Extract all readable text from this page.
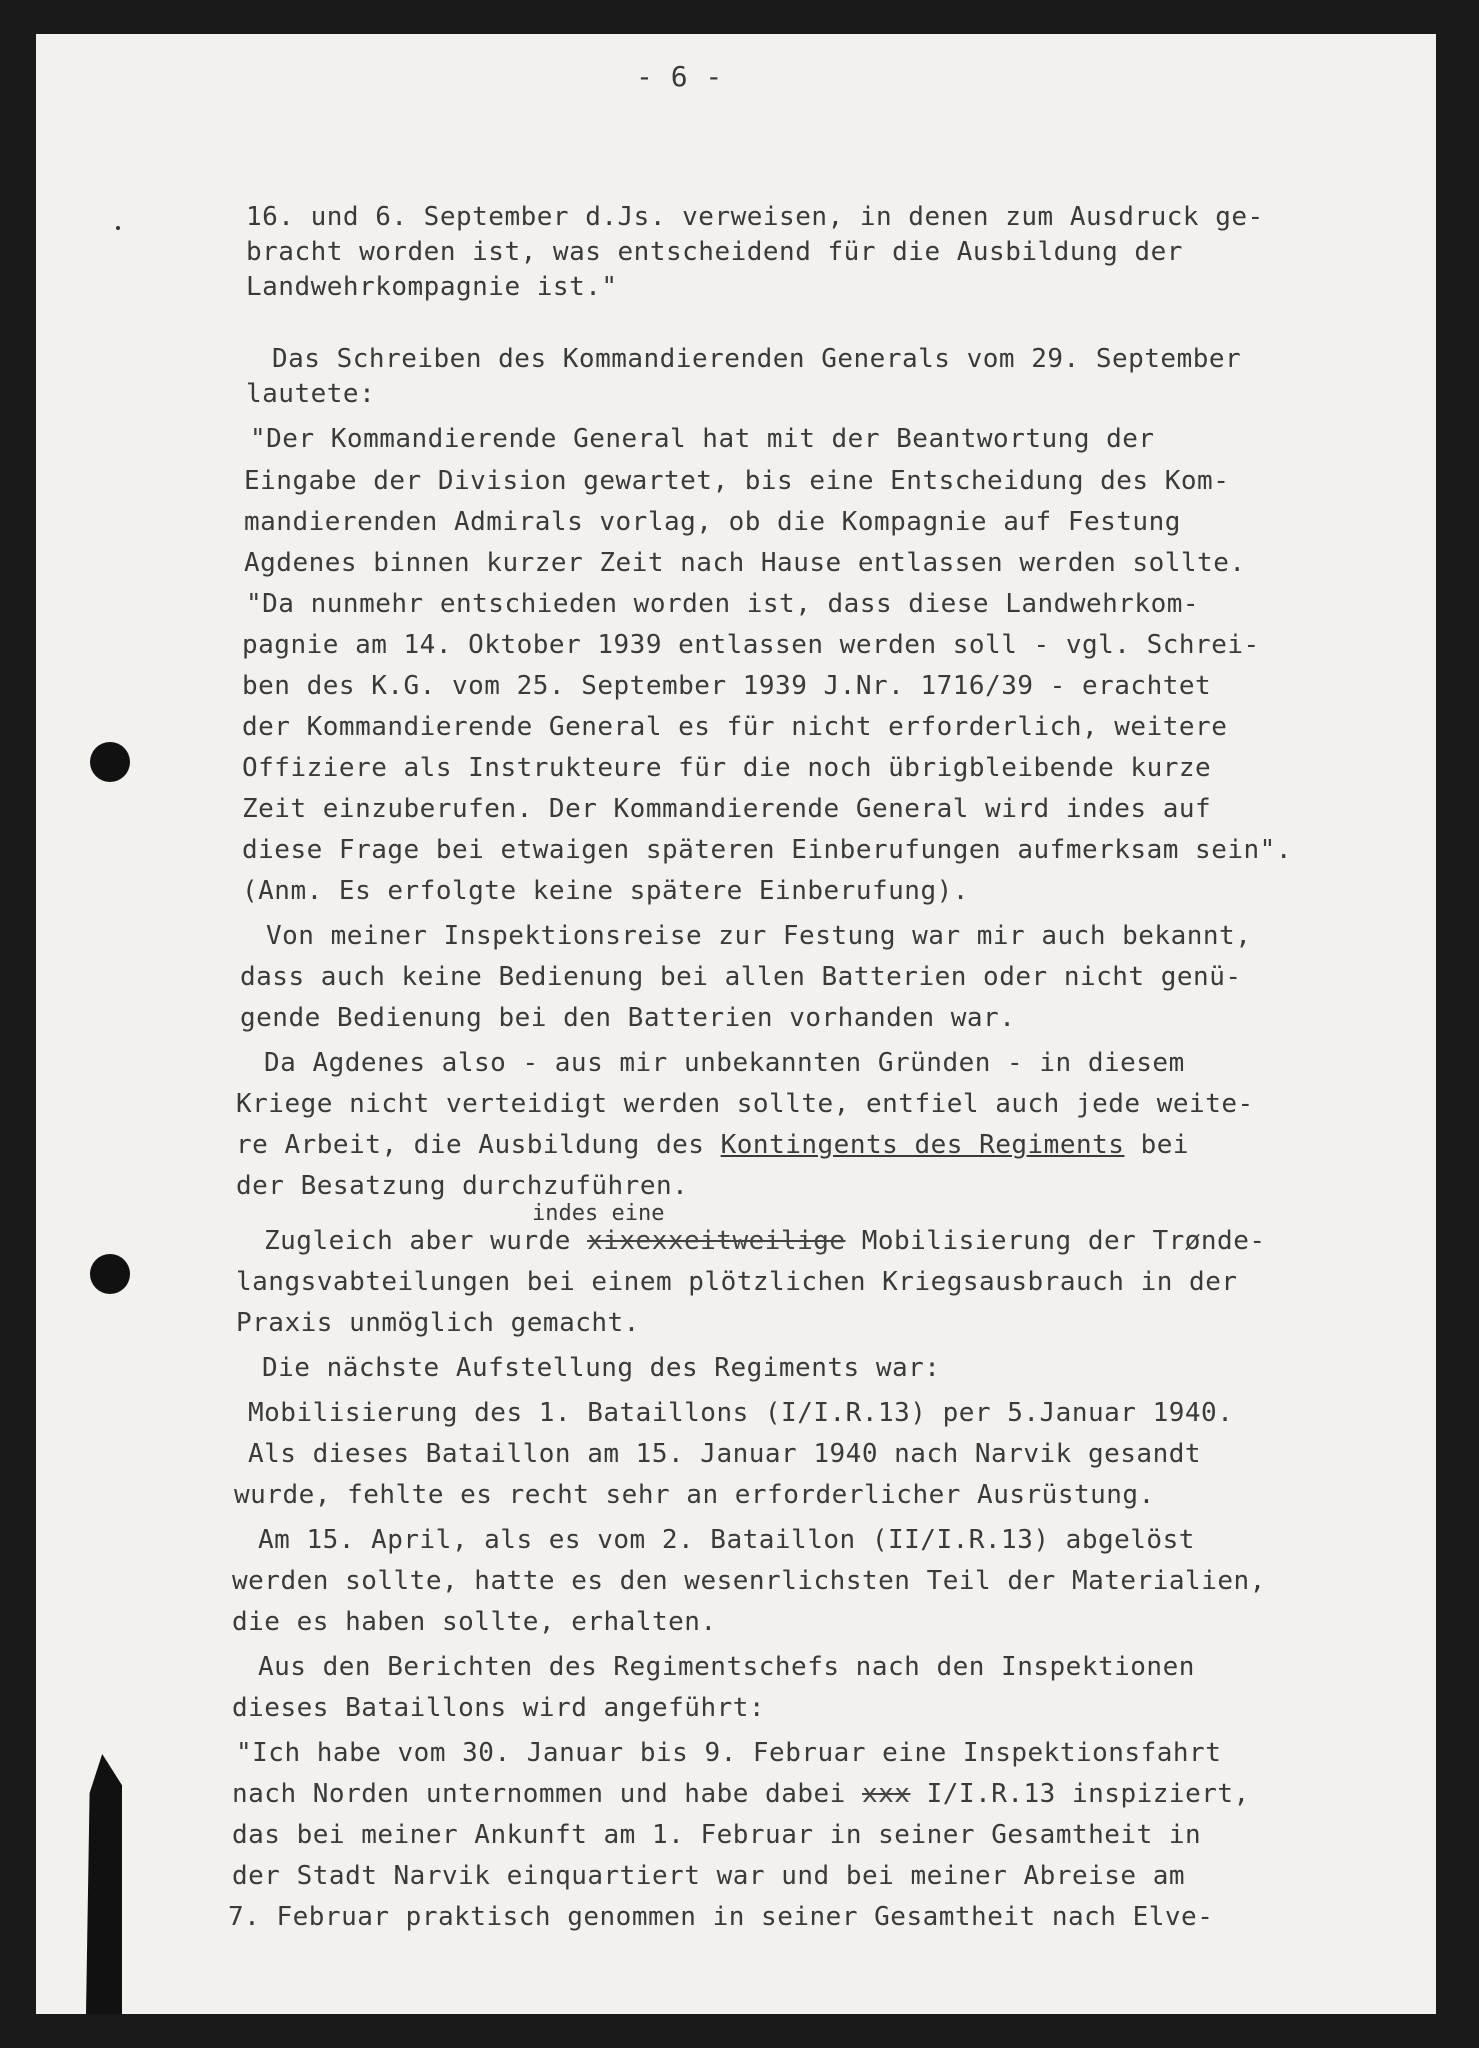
- 6 -
16. und 6. September d.Js. verweisen, in denen zum Ausdruck ge-
bracht worden ist, was entscheidend für die Ausbildung der
Landwehrkompagnie ist."
Das Schreiben des Kommandierenden Generals vom 29. September
lautete:
"Der Kommandierende General hat mit der Beantwortung der
Eingabe der Division gewartet, bis eine Entscheidung des Kom-
mandierenden Admirals vorlag, ob die Kompagnie auf Festung
Agdenes binnen kurzer Zeit nach Hause entlassen werden sollte.
"Da nunmehr entschieden worden ist, dass diese Landwehrkom-
pagnie am 14. Oktober 1939 entlassen werden soll - vgl. Schrei-
ben des K.G. vom 25. September 1939 J.Nr. 1716/39 - erachtet
der Kommandierende General es für nicht erforderlich, weitere
Offiziere als Instrukteure für die noch übrigbleibende kurze
Zeit einzuberufen. Der Kommandierende General wird indes auf
diese Frage bei etwaigen späteren Einberufungen aufmerksam sein".
(Anm. Es erfolgte keine spätere Einberufung).
Von meiner Inspektionsreise zur Festung war mir auch bekannt,
dass auch keine Bedienung bei allen Batterien oder nicht genü-
gende Bedienung bei den Batterien vorhanden war.
Da Agdenes also - aus mir unbekannten Gründen - in diesem
Kriege nicht verteidigt werden sollte, entfiel auch jede weite-
re Arbeit, die Ausbildung des Kontingents des Regiments bei
der Besatzung durchzuführen.
indes eine
Zugleich aber wurde xixexxeitweilige Mobilisierung der Trønde-
langsvabteilungen bei einem plötzlichen Kriegsausbrauch in der
Praxis unmöglich gemacht.
Die nächste Aufstellung des Regiments war:
Mobilisierung des 1. Bataillons (I/I.R.13) per 5.Januar 1940.
Als dieses Bataillon am 15. Januar 1940 nach Narvik gesandt
wurde, fehlte es recht sehr an erforderlicher Ausrüstung.
Am 15. April, als es vom 2. Bataillon (II/I.R.13) abgelöst
werden sollte, hatte es den wesenrlichsten Teil der Materialien,
die es haben sollte, erhalten.
Aus den Berichten des Regimentschefs nach den Inspektionen
dieses Bataillons wird angeführt:
"Ich habe vom 30. Januar bis 9. Februar eine Inspektionsfahrt
nach Norden unternommen und habe dabei xxx I/I.R.13 inspiziert,
das bei meiner Ankunft am 1. Februar in seiner Gesamtheit in
der Stadt Narvik einquartiert war und bei meiner Abreise am
7. Februar praktisch genommen in seiner Gesamtheit nach Elve-
